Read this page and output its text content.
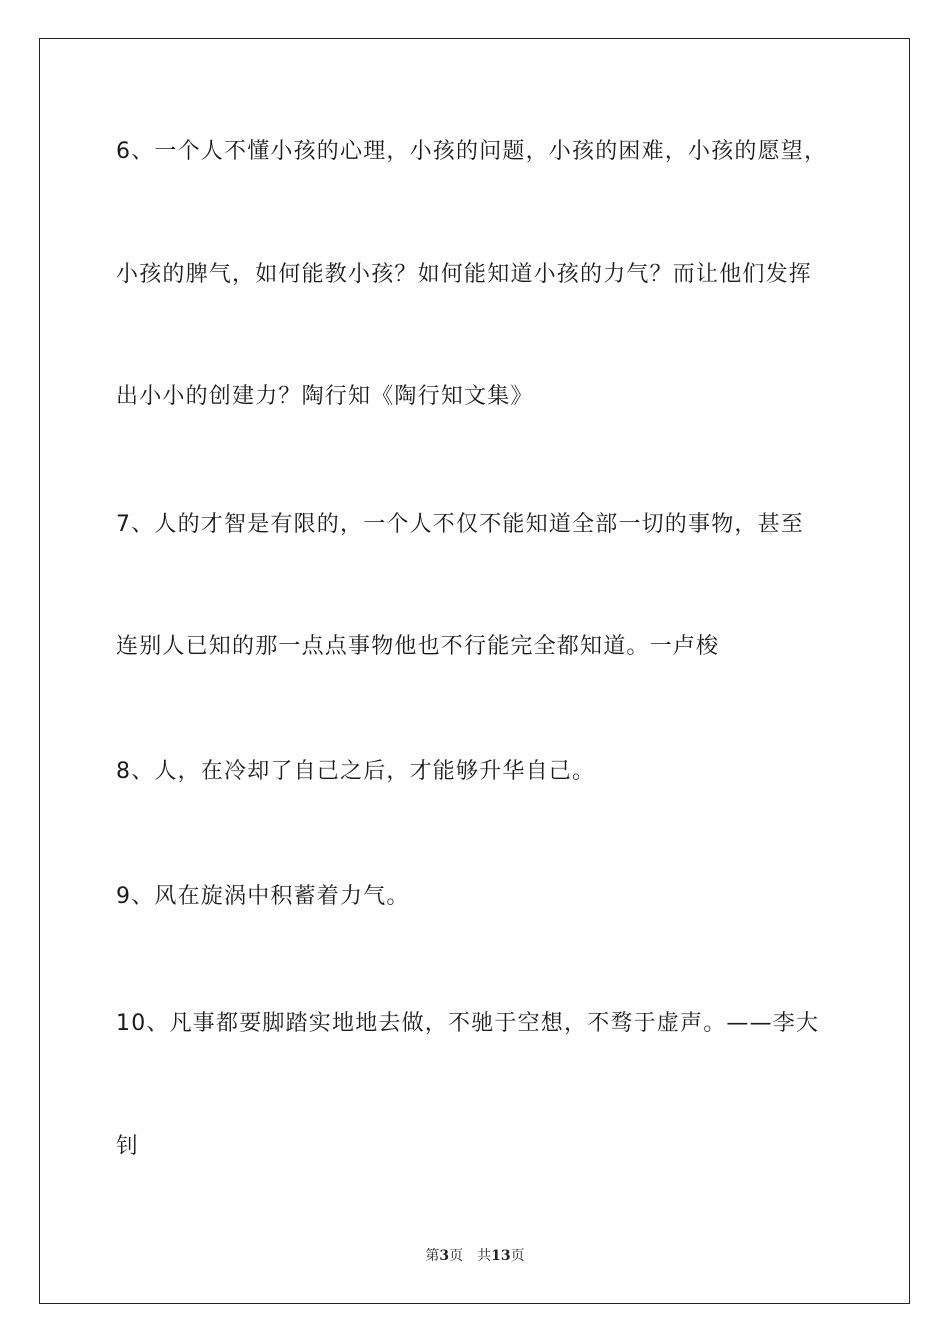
6、一个人不懂小孩的心理，小孩的问题，小孩的困难，小孩的愿望，
小孩的脾气，如何能教小孩？如何能知道小孩的力气？而让他们发挥
出小小的创建力？陶行知《陶行知文集》
7、人的才智是有限的，一个人不仅不能知道全部一切的事物，甚至
连别人已知的那一点点事物他也不行能完全都知道。一卢梭
8、人，在冷却了自己之后，才能够升华自己。
9、风在旋涡中积蓄着力气。
10、凡事都要脚踏实地地去做，不驰于空想，不骛于虚声。——李大
钊
第3页 共13页
